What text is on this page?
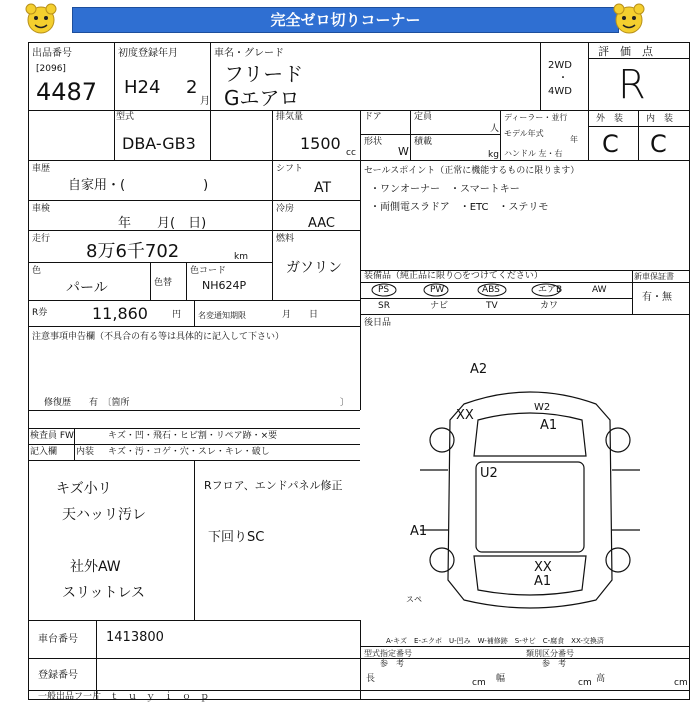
完全ゼロ切りコーナー
出品番号
[2096]
4487
初度登録年月
H24 2
月
車名・グレード
フリード
Gエアロ
2WD
・
4WD
評　価　点
R
型式
DBA-GB3
排気量
1500 cc
ドア
形状
W
定員
人
積載
kg
ディーラー・並行
モデル年式
年
ハンドル 左・右
外　装	内　装
C C
車歴
自家用・(　　　　　　)
シフト
AT
車検
年　　月(　日)
冷房
AAC
走行
8万6千702	km
燃料
ガソリン
色
パール	色替
色コード
NH624P
R券	11,860	円 名変通知期限	月　　日
注意事項申告欄（不具合の有る等は具体的に記入して下さい）
修復歴　　有　〔箇所	〕
セールスポイント（正常に機能するものに限ります）
・ワンオーナー　・スマートキー
・両側電スラドア　・ETC　・ステリモ
装備品（純正品に限り○をつけてください）
PS	PW	ABS	エアB	AW
SR	ナビ	TV	カワ
新車保証書
有・無
後日品
検査員 FW
記入欄 内装
キズ・凹・飛石・ヒビ割・リペア跡・×要
キズ・汚・コゲ・穴・スレ・キレ・破し
キズ小リ
天ハッリ汚レ
社外AW
スリットレス
Rフロア、エンドパネル修正
下回りSC
A2
XX
W2
A1
U2
A1
XX
A1
スペ
A-キズ　E-エクボ　U-凹み　W-補修跡　S-サビ　C-腐食　XX-交換済
車台番号 1413800
登録番号
型式指定番号
参　考
類別区分番号
参　考
長	cm 幅	cm 高	cm
一般出品フ一片　ｔ　ｕ　ｙ　ｉ　ｏ　ｐ
